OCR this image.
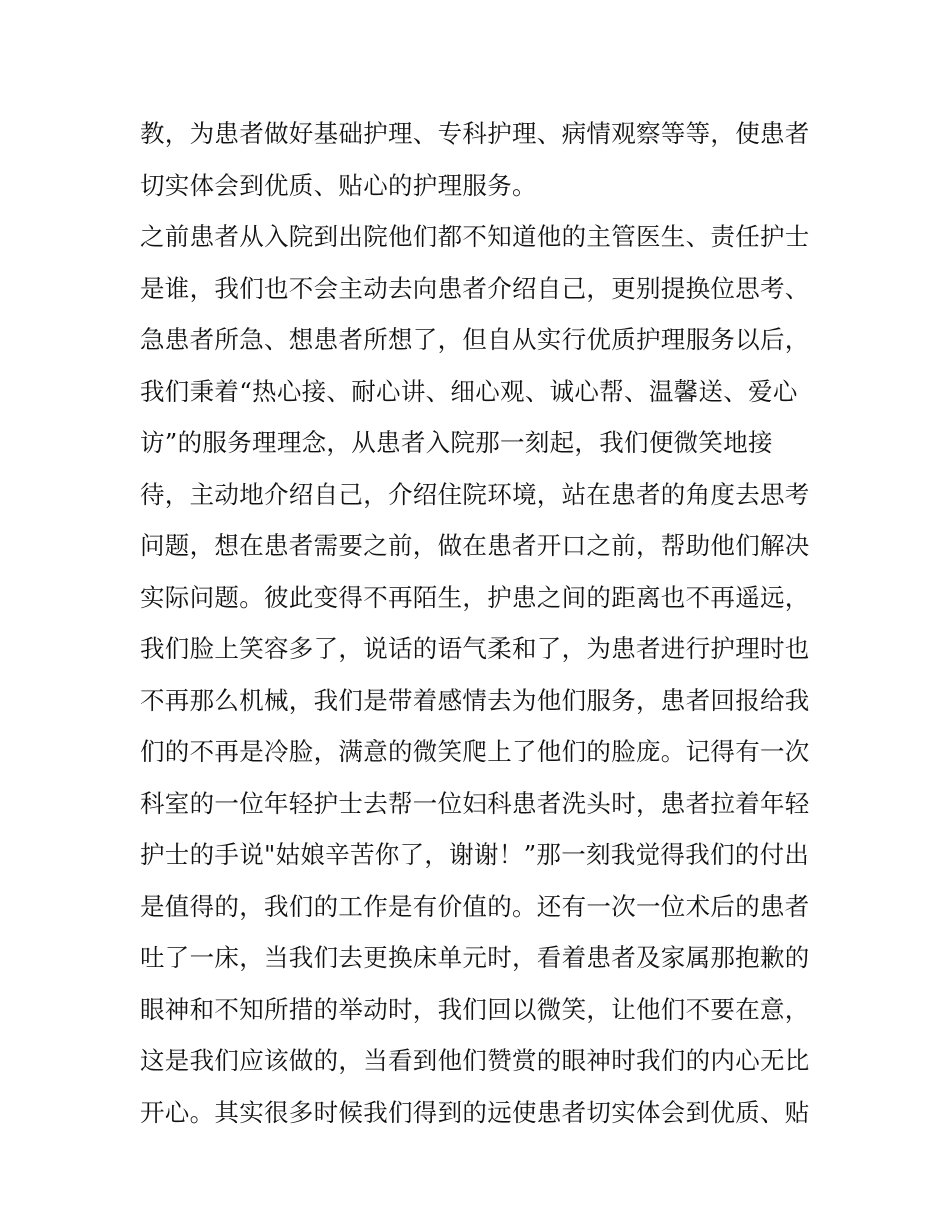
教，为患者做好基础护理、专科护理、病情观察等等，使患者
切实体会到优质、贴心的护理服务。
之前患者从入院到出院他们都不知道他的主管医生、责任护士
是谁，我们也不会主动去向患者介绍自己，更别提换位思考、
急患者所急、想患者所想了，但自从实行优质护理服务以后，
我们秉着“热心接、耐心讲、细心观、诚心帮、温馨送、爱心
访”的服务理理念，从患者入院那一刻起，我们便微笑地接
待，主动地介绍自己，介绍住院环境，站在患者的角度去思考
问题，想在患者需要之前，做在患者开口之前，帮助他们解决
实际问题。彼此变得不再陌生，护患之间的距离也不再遥远，
我们脸上笑容多了，说话的语气柔和了，为患者进行护理时也
不再那么机械，我们是带着感情去为他们服务，患者回报给我
们的不再是冷脸，满意的微笑爬上了他们的脸庞。记得有一次
科室的一位年轻护士去帮一位妇科患者洗头时，患者拉着年轻
护士的手说"姑娘辛苦你了，谢谢！”那一刻我觉得我们的付出
是值得的，我们的工作是有价值的。还有一次一位术后的患者
吐了一床，当我们去更换床单元时，看着患者及家属那抱歉的
眼神和不知所措的举动时，我们回以微笑，让他们不要在意，
这是我们应该做的，当看到他们赞赏的眼神时我们的内心无比
开心。其实很多时候我们得到的远使患者切实体会到优质、贴
